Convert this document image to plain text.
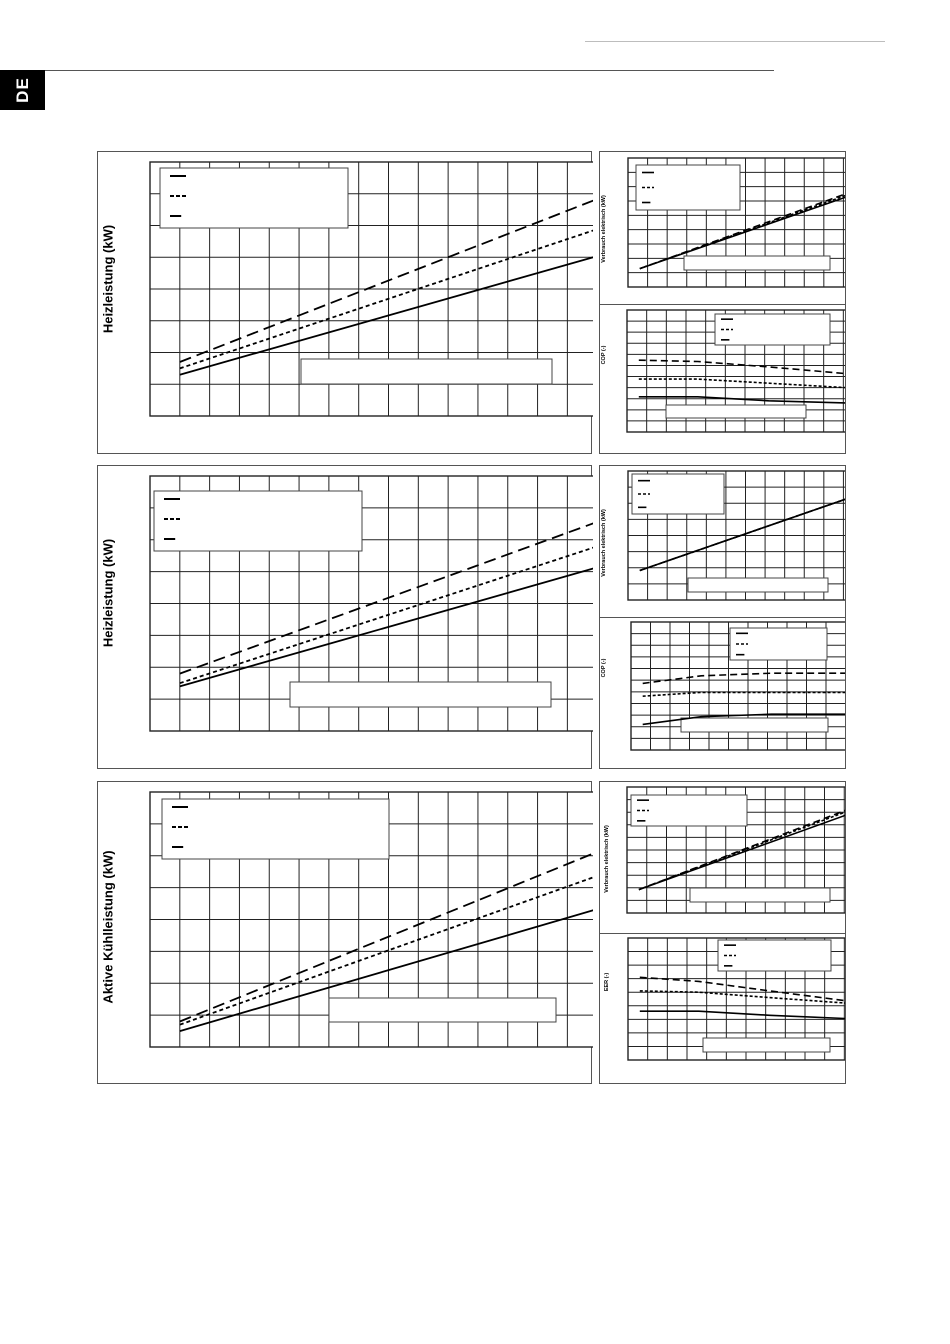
DE
Heizleistung (kW)
Heizleistung (kW)
Aktive Kühlleistung (kW)
Verbrauch elektrisch (kW)
COP (-)
Verbrauch elektrisch (kW)
COP (-)
Verbrauch elektrisch (kW)
EER (-)
